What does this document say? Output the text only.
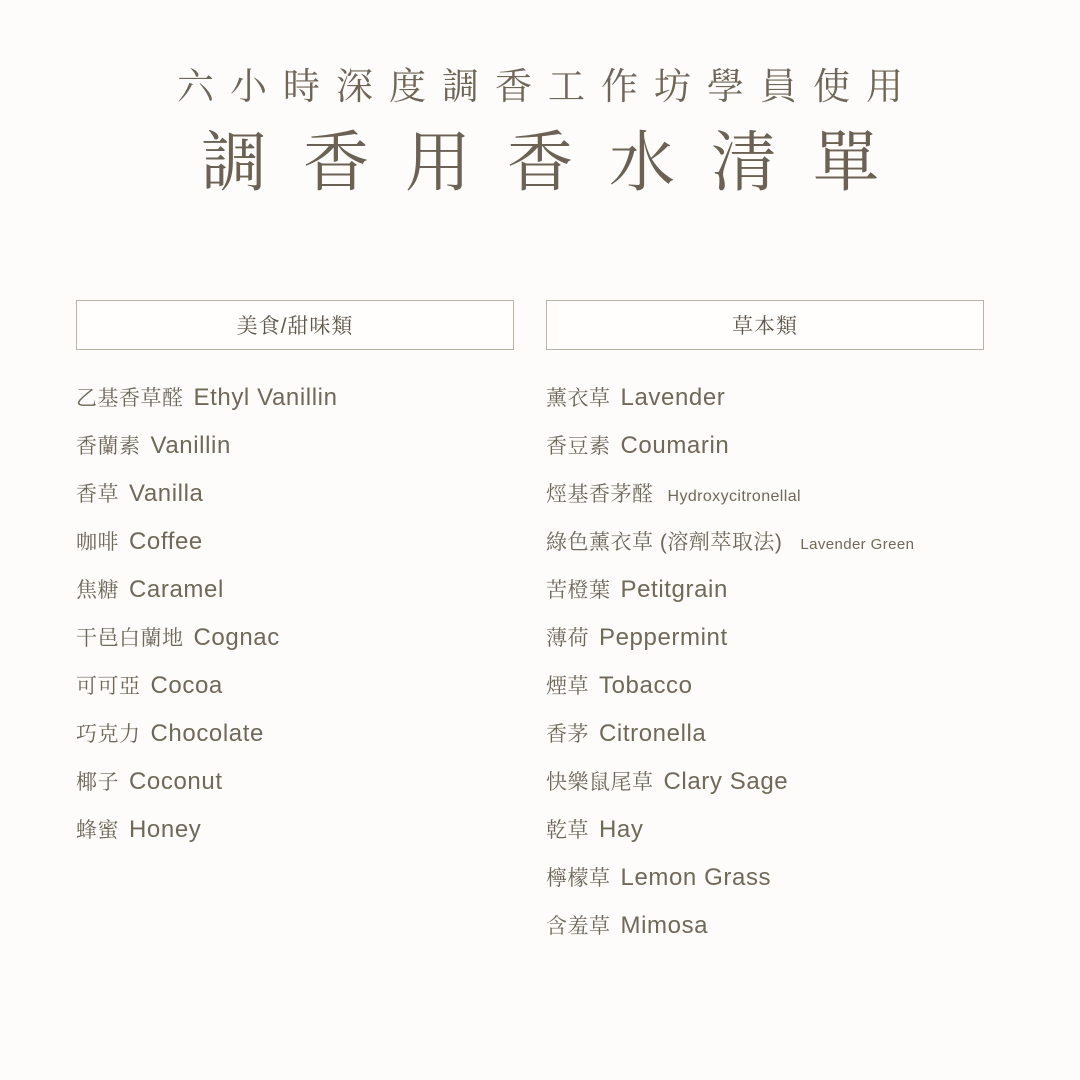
六小時深度調香工作坊學員使用
調香用香水清單
美食/甜味類
乙基香草醛 Ethyl Vanillin
香蘭素 Vanillin
香草 Vanilla
咖啡 Coffee
焦糖 Caramel
干邑白蘭地 Cognac
可可亞 Cocoa
巧克力 Chocolate
椰子 Coconut
蜂蜜 Honey
草本類
薰衣草 Lavender
香豆素 Coumarin
烴基香茅醛 Hydroxycitronellal
綠色薰衣草 (溶劑萃取法) Lavender Green
苦橙葉 Petitgrain
薄荷 Peppermint
煙草 Tobacco
香茅 Citronella
快樂鼠尾草 Clary Sage
乾草 Hay
檸檬草 Lemon Grass
含羞草 Mimosa
